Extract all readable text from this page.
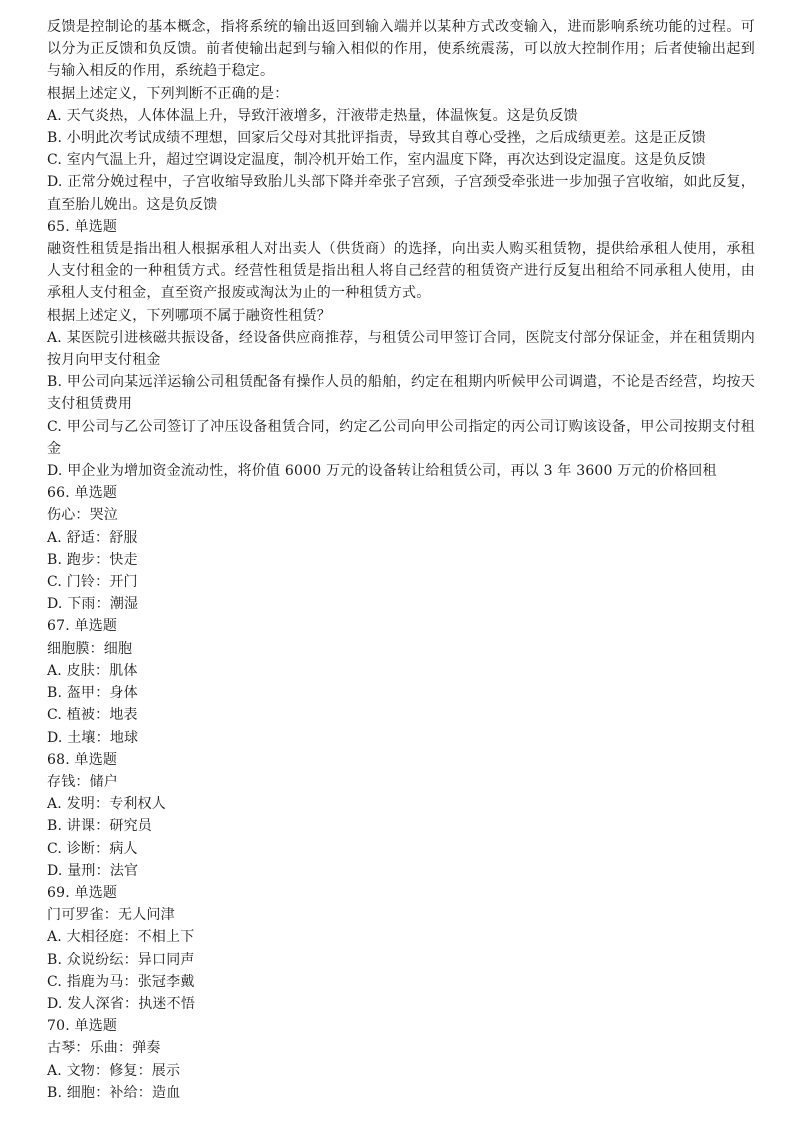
反馈是控制论的基本概念，指将系统的输出返回到输入端并以某种方式改变输入，进而影响系统功能的过程。可以分为正反馈和负反馈。前者使输出起到与输入相似的作用，使系统震荡，可以放大控制作用；后者使输出起到与输入相反的作用，系统趋于稳定。
根据上述定义，下列判断不正确的是：
A. 天气炎热，人体体温上升，导致汗液增多，汗液带走热量，体温恢复。这是负反馈
B. 小明此次考试成绩不理想，回家后父母对其批评指责，导致其自尊心受挫，之后成绩更差。这是正反馈
C. 室内气温上升，超过空调设定温度，制冷机开始工作，室内温度下降，再次达到设定温度。这是负反馈
D. 正常分娩过程中，子宫收缩导致胎儿头部下降并牵张子宫颈，子宫颈受牵张进一步加强子宫收缩，如此反复，直至胎儿娩出。这是负反馈
65. 单选题
融资性租赁是指出租人根据承租人对出卖人（供货商）的选择，向出卖人购买租赁物，提供给承租人使用，承租人支付租金的一种租赁方式。经营性租赁是指出租人将自己经营的租赁资产进行反复出租给不同承租人使用，由承租人支付租金，直至资产报废或淘汰为止的一种租赁方式。
根据上述定义，下列哪项不属于融资性租赁？
A. 某医院引进核磁共振设备，经设备供应商推荐，与租赁公司甲签订合同，医院支付部分保证金，并在租赁期内按月向甲支付租金
B. 甲公司向某远洋运输公司租赁配备有操作人员的船舶，约定在租期内听候甲公司调遣，不论是否经营，均按天支付租赁费用
C. 甲公司与乙公司签订了冲压设备租赁合同，约定乙公司向甲公司指定的丙公司订购该设备，甲公司按期支付租金
D. 甲企业为增加资金流动性，将价值 6000 万元的设备转让给租赁公司，再以 3 年 3600 万元的价格回租
66. 单选题
伤心：哭泣
A. 舒适：舒服
B. 跑步：快走
C. 门铃：开门
D. 下雨：潮湿
67. 单选题
细胞膜：细胞
A. 皮肤：肌体
B. 盔甲：身体
C. 植被：地表
D. 土壤：地球
68. 单选题
存钱：储户
A. 发明：专利权人
B. 讲课：研究员
C. 诊断：病人
D. 量刑：法官
69. 单选题
门可罗雀：无人问津
A. 大相径庭：不相上下
B. 众说纷纭：异口同声
C. 指鹿为马：张冠李戴
D. 发人深省：执迷不悟
70. 单选题
古琴：乐曲：弹奏
A. 文物：修复：展示
B. 细胞：补给：造血
